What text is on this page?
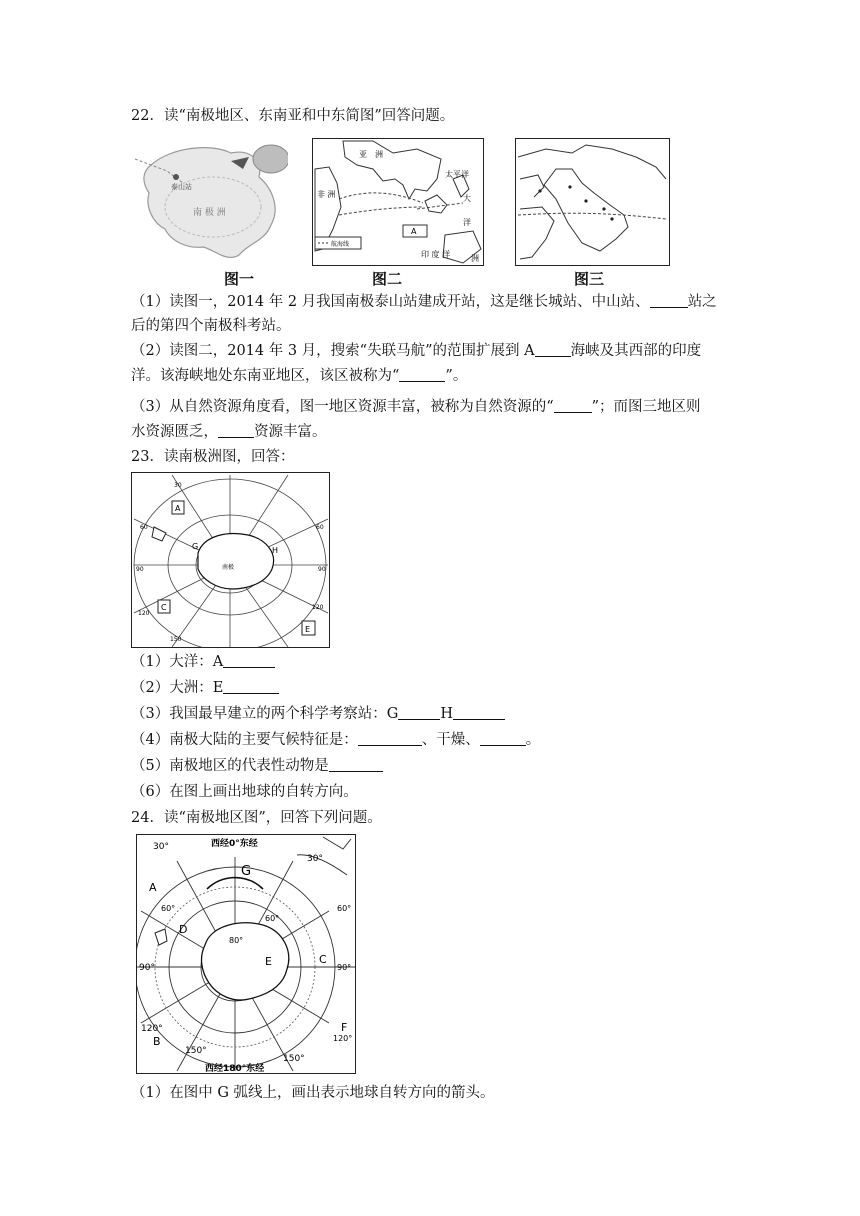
22．读“南极地区、东南亚和中东简图”回答问题。
泰山站
南 极 洲
图一
A
亚　洲
非 洲
太平洋
大
洋
印 度 洋	洲
航海线
图二	图三
（1）读图一，2014 年 2 月我国南极泰山站建成开站，这是继长城站、中山站、	站之
后的第四个南极科考站。
（2）读图二，2014 年 3 月，搜索“失联马航”的范围扩展到 A 海峡及其西部的印度
洋。该海峡地处东南亚地区，该区被称为“	”。
（3）从自然资源角度看，图一地区资源丰富，被称为自然资源的“	”；而图三地区则
水资源匮乏， 资源丰富。
23．读南极洲图，回答：
A
C
E
G	H
南极
30
60
90
120
150
60
90
120
（1）大洋：A
（2）大洲：E
（3）我国最早建立的两个科学考察站：G	H
（4）南极大陆的主要气候特征是：	、干燥、	。
（5）南极地区的代表性动物是
（6）在图上画出地球的自转方向。
24．读“南极地区图”，回答下列问题。
西经0°东经
西经180°东经
30°
30°
60°
90°	90°
120°
120°
150°
150°
80°
60°
60°
A
B
C
D
E
F
G
（1）在图中 G 弧线上，画出表示地球自转方向的箭头。
